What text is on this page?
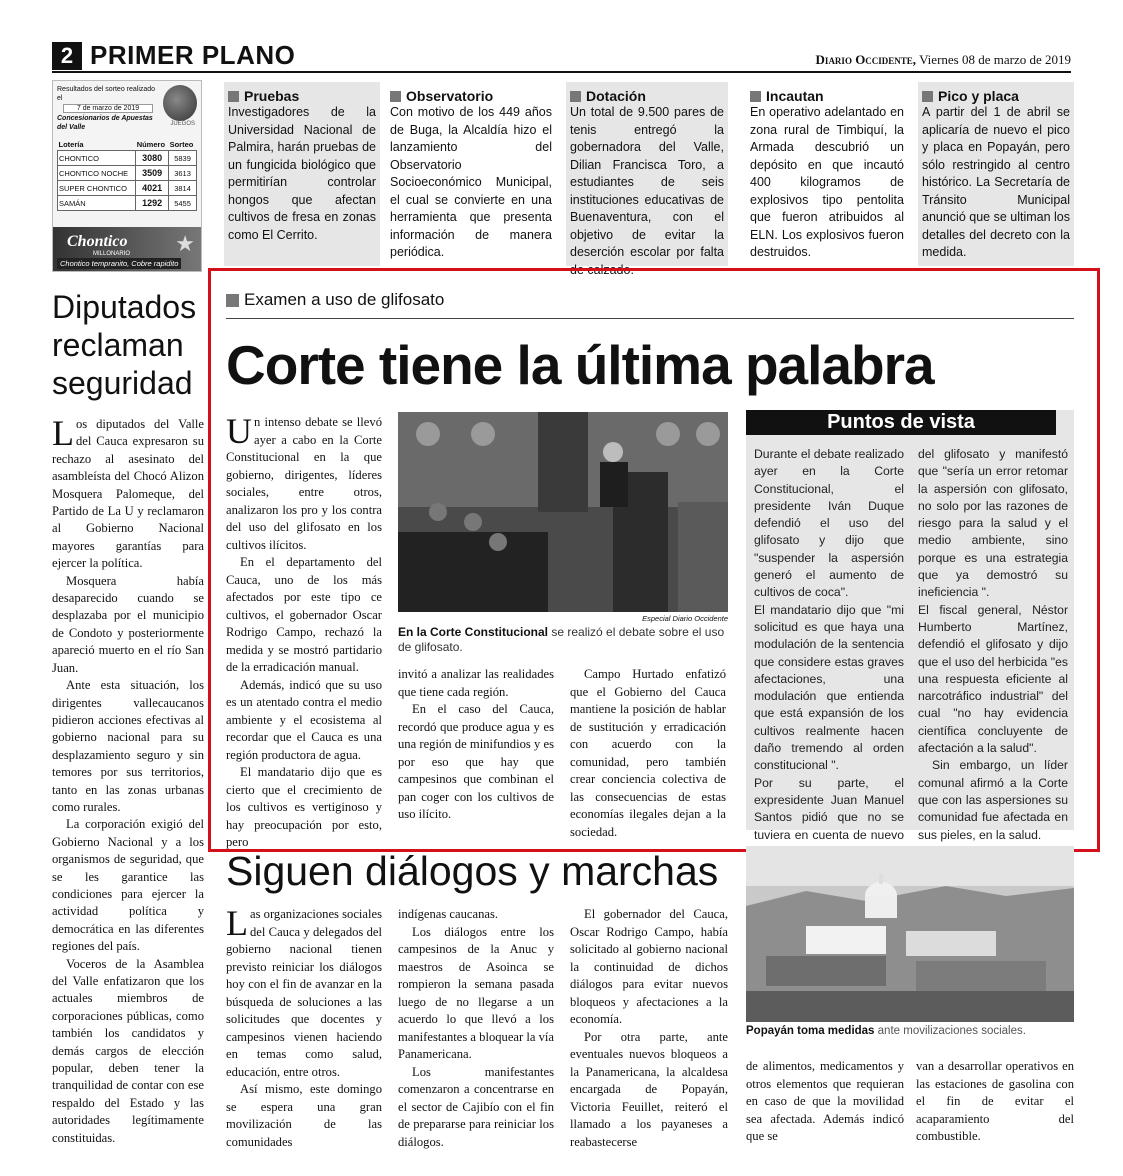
2 PRIMER PLANO	Diario Occidente, Viernes 08 de marzo de 2019
Resultados del sorteo realizado el
7 de marzo de 2019
Concesionarios de Apuestas del Valle	JUEGOS
Lotería	Número	Sorteo
CHONTICO	3080	5839
CHONTICO NOCHE	3509	3613
SUPER CHONTICO	4021	3814
SAMÁN	1292	5455
Chontico
MILLONARIO ★
Chontico tempranito, Cobre rapidito
Pruebas
Investigadores de la Universidad Nacional de Palmira, harán pruebas de un fungicida biológico que permitirían controlar hongos que afectan cultivos de fresa en zonas como El Cerrito.
Observatorio
Con motivo de los 449 años de Buga, la Alcaldía hizo el lanzamiento del Observatorio Socioeconómico Municipal, el cual se convierte en una herramienta que presenta información de manera periódica.
Dotación
Un total de 9.500 pares de tenis entregó la gobernadora del Valle, Dilian Francisca Toro, a estudiantes de seis instituciones educativas de Buenaventura, con el objetivo de evitar la deserción escolar por falta de calzado.
Incautan
En operativo adelantado en zona rural de Timbiquí, la Armada descubrió un depósito en que incautó 400 kilogramos de explosivos tipo pentolita que fueron atribuidos al ELN. Los explosivos fueron destruidos.
Pico y placa
A partir del 1 de abril se aplicaría de nuevo el pico y placa en Popayán, pero sólo restringido al centro histórico. La Secretaría de Tránsito Municipal anunció que se ultiman los detalles del decreto con la medida.
Diputados reclaman seguridad

Los diputados del Valle del Cauca expresaron su rechazo al asesinato del asambleísta del Chocó Alizon Mosquera Palomeque, del Partido de La U y reclamaron al Gobierno Nacional mayores garantías para ejercer la política.

Mosquera había desaparecido cuando se desplazaba por el municipio de Condoto y posteriormente apareció muerto en el río San Juan.

Ante esta situación, los dirigentes vallecaucanos pidieron acciones efectivas al gobierno nacional para su desplazamiento seguro y sin temores por sus territorios, tanto en las zonas urbanas como rurales.

La corporación exigió del Gobierno Nacional y a los organismos de seguridad, que se les garantice las condiciones para ejercer la actividad política y democrática en las diferentes regiones del país.

Voceros de la Asamblea del Valle enfatizaron que los actuales miembros de corporaciones públicas, como también los candidatos y demás cargos de elección popular, deben tener la tranquilidad de contar con ese respaldo del Estado y las autoridades legítimamente constituidas.

Examen a uso de glifosato
Corte tiene la última palabra

Un intenso debate se llevó ayer a cabo en la Corte Constitucional en la que gobierno, dirigentes, líderes sociales, entre otros, analizaron los pro y los contra del uso del glifosato en los cultivos ilícitos.

En el departamento del Cauca, uno de los más afectados por este tipo ce cultivos, el gobernador Oscar Rodrigo Campo, rechazó la medida y se mostró partidario de la erradicación manual.

Además, indicó que su uso es un atentado contra el medio ambiente y el ecosistema al recordar que el Cauca es una región productora de agua.

El mandatario dijo que es cierto que el crecimiento de los cultivos es vertiginoso y hay preocupación por esto, pero

Especial Diario Occidente
En la Corte Constitucional se realizó el debate sobre el uso de glifosato.

invitó a analizar las realidades que tiene cada región.

En el caso del Cauca, recordó que produce agua y es una región de minifundios y es por eso que hay que campesinos que combinan el pan coger con los cultivos de uso ilícito.

Campo Hurtado enfatizó que el Gobierno del Cauca mantiene la posición de hablar de sustitución y erradicación con acuerdo con la comunidad, pero también crear conciencia colectiva de las consecuencias de estas economías ilegales dejan a la sociedad.

Puntos de vista

Durante el debate realizado ayer en la Corte Constitucional, el presidente Iván Duque defendió el uso del glifosato y dijo que "suspender la aspersión generó el aumento de cultivos de coca".

El mandatario dijo que "mi solicitud es que haya una modulación de la sentencia que considere estas graves afectaciones, una modulación que entienda que está expansión de los cultivos realmente hacen daño tremendo al orden constitucional ".

Por su parte, el expresidente Juan Manuel Santos pidió que no se tuviera en cuenta de nuevo

del glifosato y manifestó que "sería un error retomar la aspersión con glifosato, no solo por las razones de riesgo para la salud y el medio ambiente, sino porque es una estrategia que ya demostró su ineficiencia ".

El fiscal general, Néstor Humberto Martínez, defendió el glifosato y dijo que el uso del herbicida "es una respuesta eficiente al narcotráfico industrial" del cual "no hay evidencia científica concluyente de afectación a la salud".

Sin embargo, un líder comunal afirmó a la Corte que con las aspersiones su comunidad fue afectada en sus pieles, en la salud.

Siguen diálogos y marchas

Las organizaciones sociales del Cauca y delegados del gobierno nacional tienen previsto reiniciar los diálogos hoy con el fin de avanzar en la búsqueda de soluciones a las solicitudes que docentes y campesinos vienen haciendo en temas como salud, educación, entre otros.

Así mismo, este domingo se espera una gran movilización de las comunidades

indígenas caucanas.

Los diálogos entre los campesinos de la Anuc y maestros de Asoinca se rompieron la semana pasada luego de no llegarse a un acuerdo lo que llevó a los manifestantes a bloquear la vía Panamericana.

Los manifestantes comenzaron a concentrarse en el sector de Cajibío con el fin de prepararse para reiniciar los diálogos.

El gobernador del Cauca, Oscar Rodrigo Campo, había solicitado al gobierno nacional la continuidad de dichos diálogos para evitar nuevos bloqueos y afectaciones a la economía.

Por otra parte, ante eventuales nuevos bloqueos a la Panamericana, la alcaldesa encargada de Popayán, Victoria Feuillet, reiteró el llamado a los payaneses a reabastecerse

Popayán toma medidas ante movilizaciones sociales.

de alimentos, medicamentos y otros elementos que requieran en caso de que la movilidad sea afectada. Además indicó que se

van a desarrollar operativos en las estaciones de gasolina con el fin de evitar el acaparamiento del combustible.
